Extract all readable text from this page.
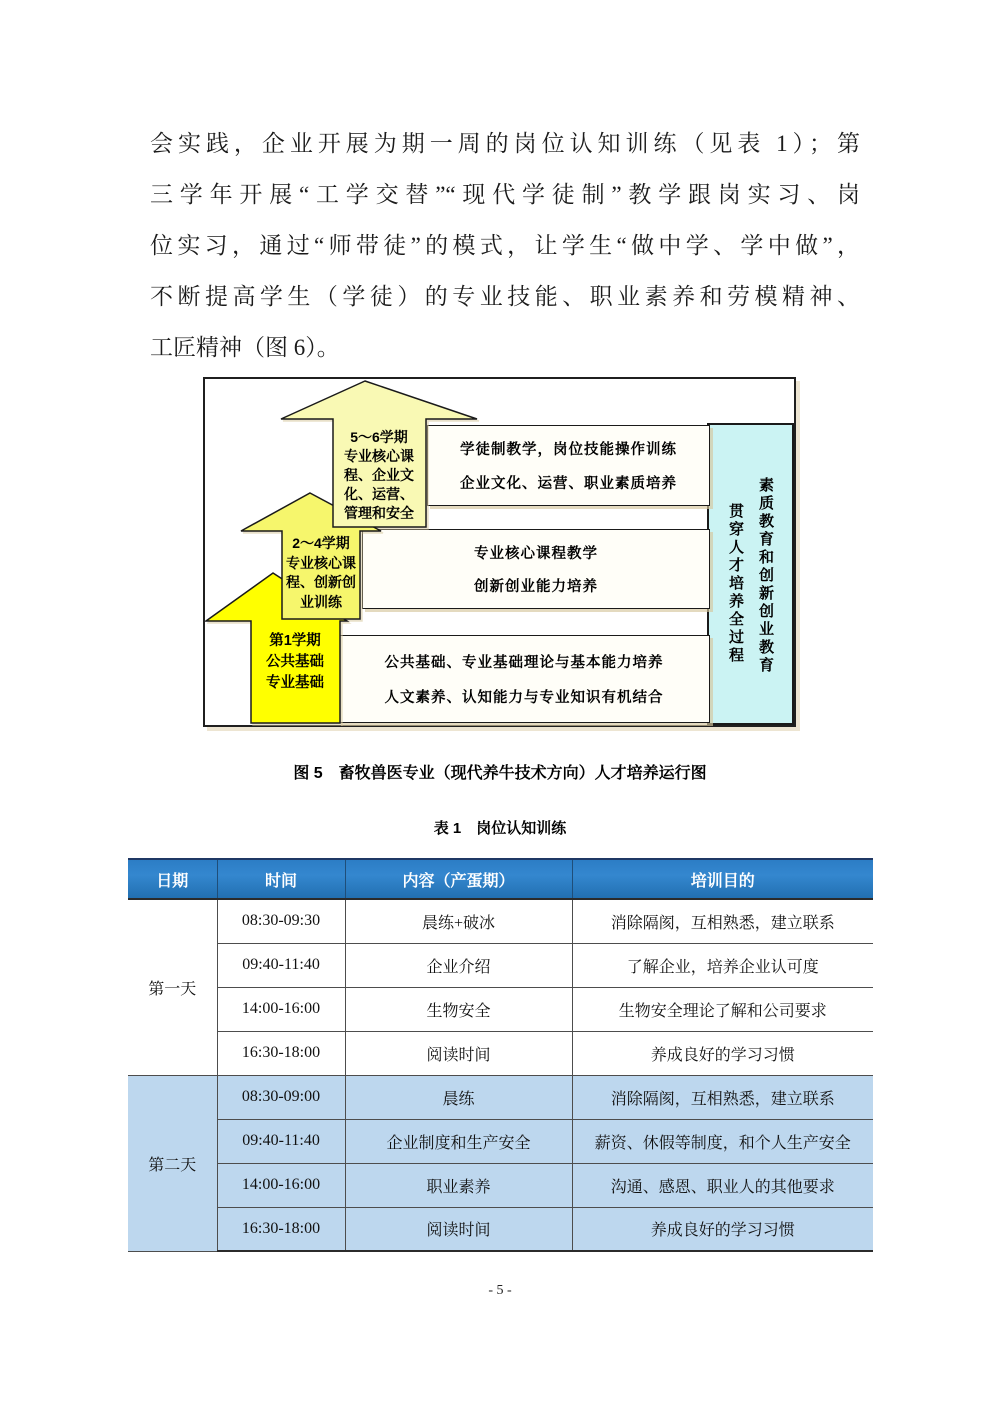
会实践，企业开展为期一周的岗位认知训练（见表 1）；第
三学年开展“工学交替”“现代学徒制”教学跟岗实习、岗
位实习，通过“师带徒”的模式，让学生“做中学、学中做”，
不断提高学生（学徒）的专业技能、职业素养和劳模精神、
工匠精神（图 6）。
贯穿人才培养全过程 素质教育和创新创业教育
学徒制教学，岗位技能操作训练
企业文化、运营、职业素质培养
专业核心课程教学
创新创业能力培养
公共基础、专业基础理论与基本能力培养
人文素养、认知能力与专业知识有机结合
5～6学期
专业核心课
程、企业文
化、运营、
管理和安全
2～4学期
专业核心课
程、创新创
业训练
第1学期
公共基础
专业基础
图 5　畜牧兽医专业（现代养牛技术方向）人才培养运行图
表 1　岗位认知训练
日期	时间	内容（产蛋期）	培训目的
第一天	08:30-09:30	晨练+破冰	消除隔阂，互相熟悉，建立联系
	09:40-11:40	企业介绍	了解企业，培养企业认可度
	14:00-16:00	生物安全	生物安全理论了解和公司要求
	16:30-18:00	阅读时间	养成良好的学习习惯
第二天	08:30-09:00	晨练	消除隔阂，互相熟悉，建立联系
	09:40-11:40	企业制度和生产安全	薪资、休假等制度，和个人生产安全
	14:00-16:00	职业素养	沟通、感恩、职业人的其他要求
	16:30-18:00	阅读时间	养成良好的学习习惯
- 5 -
